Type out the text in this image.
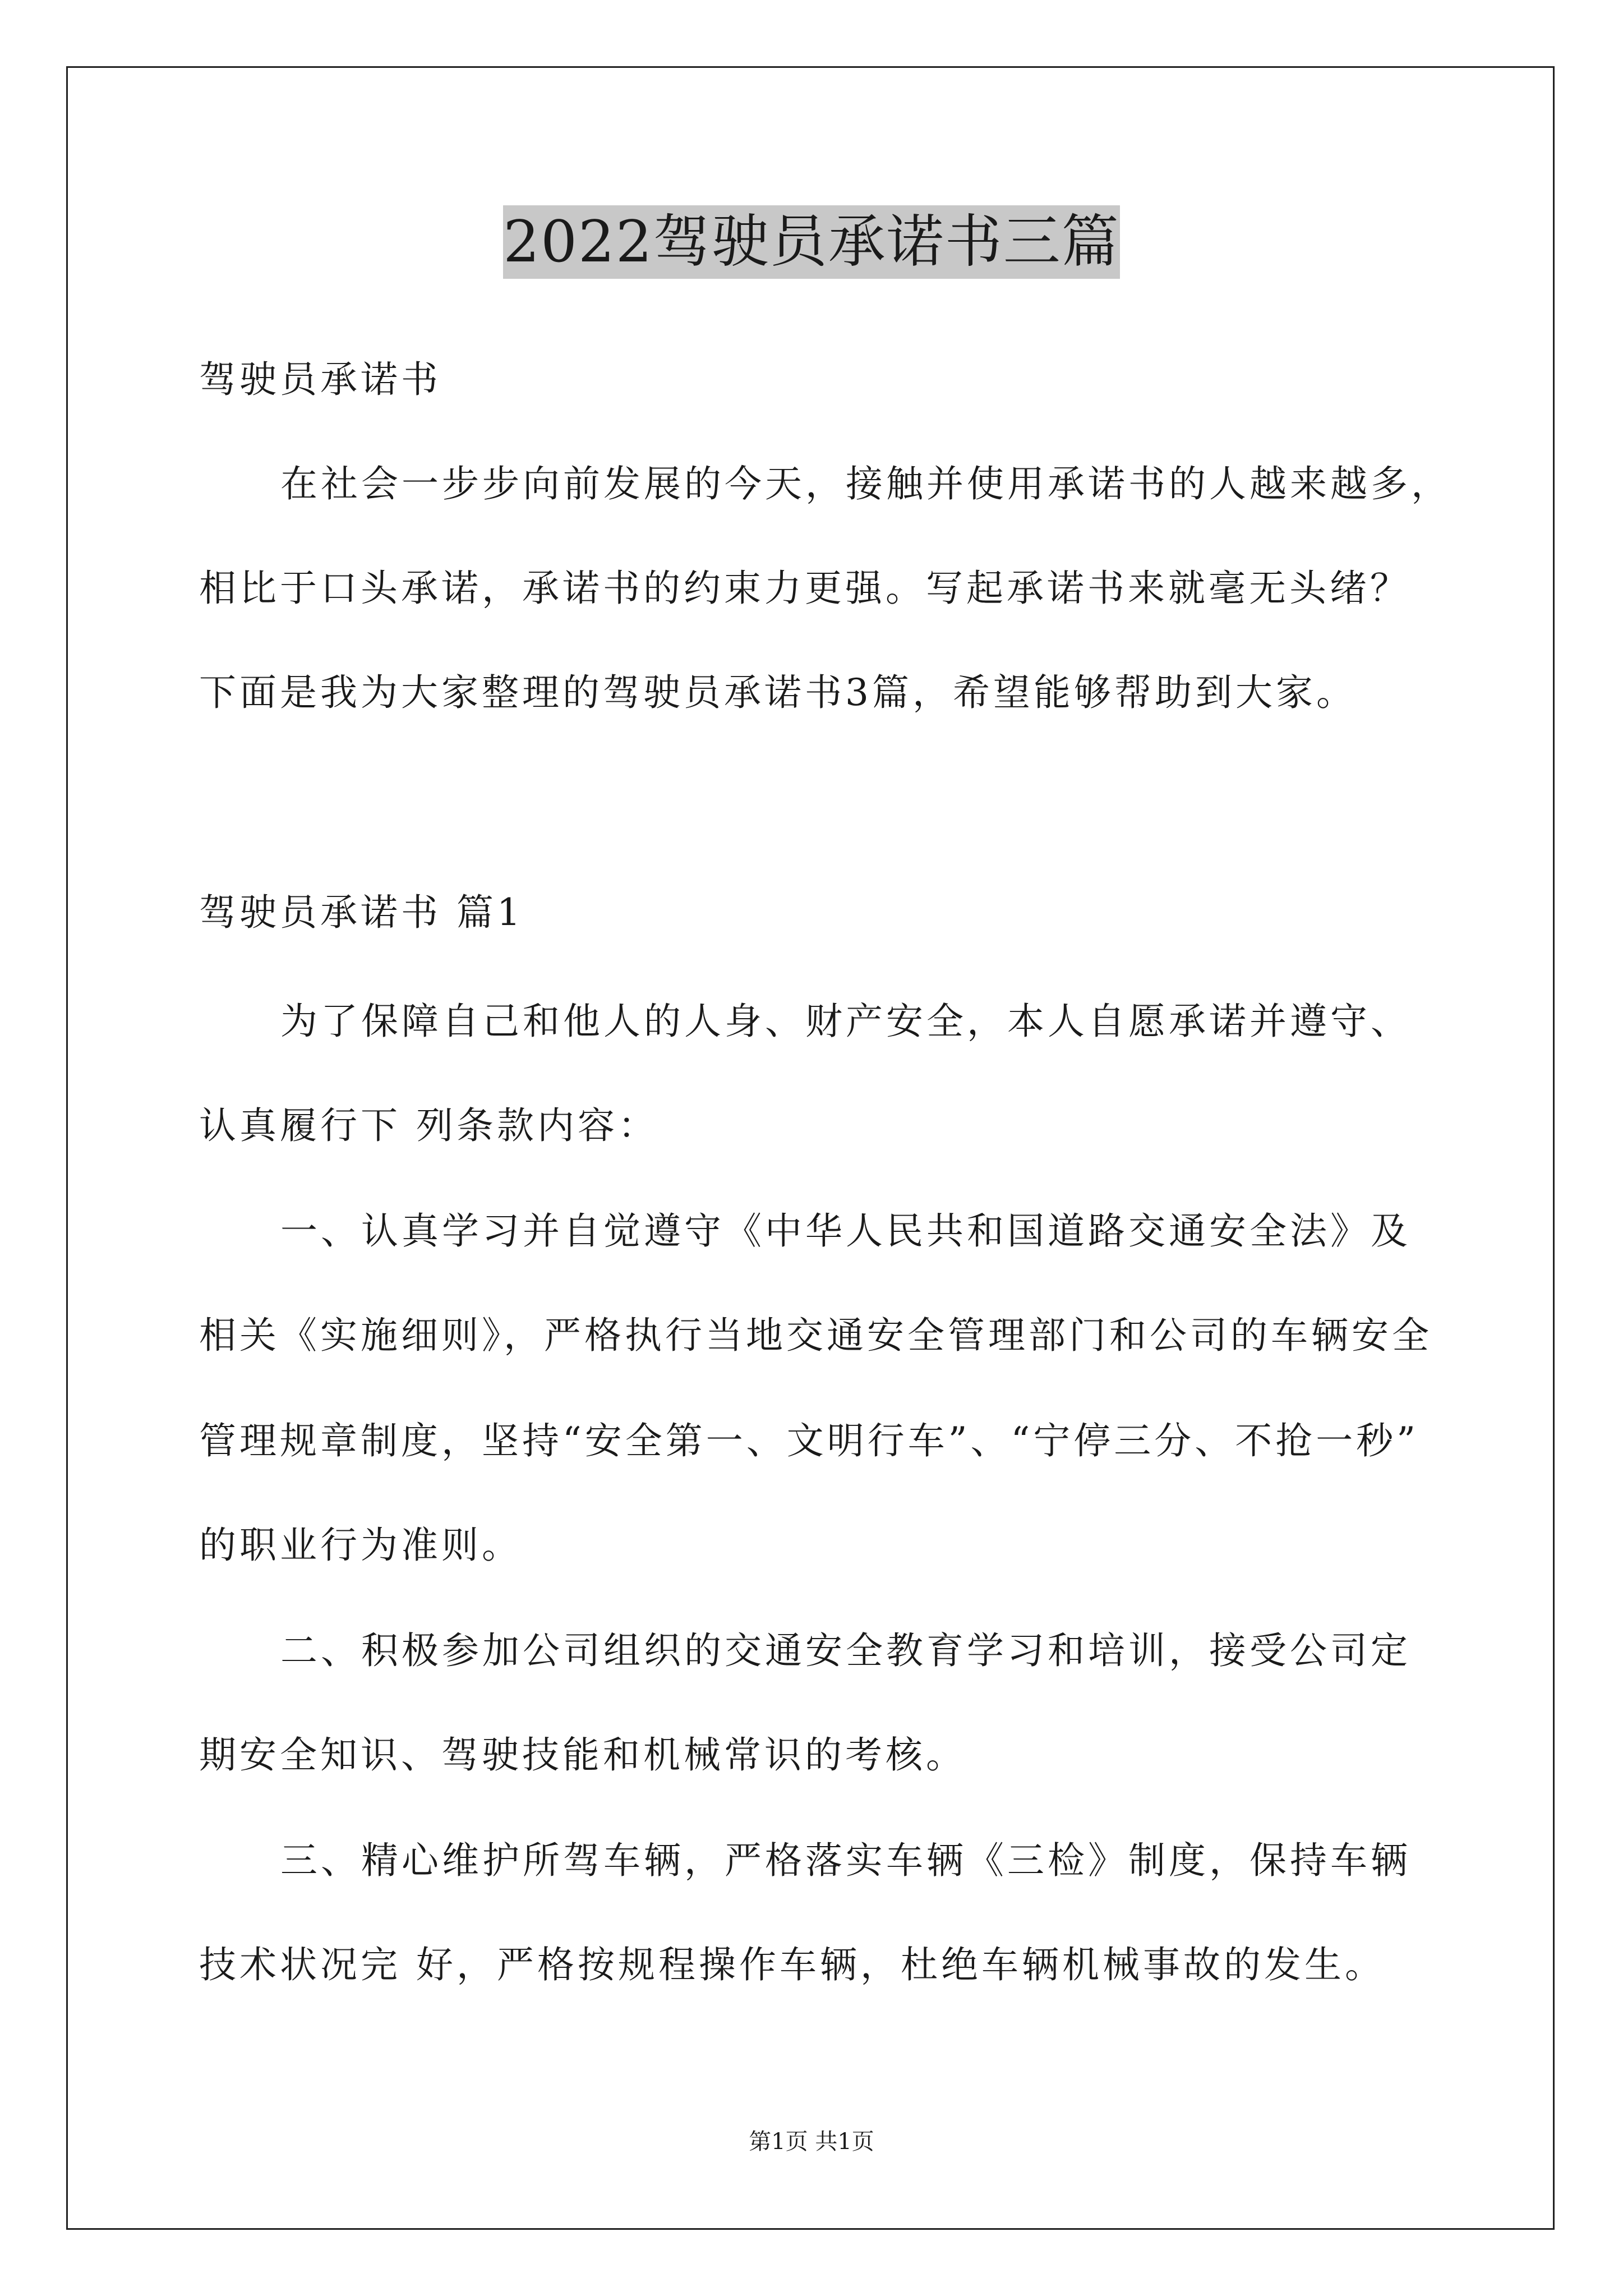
2022驾驶员承诺书三篇
驾驶员承诺书
在社会一步步向前发展的今天，接触并使用承诺书的人越来越多，
相比于口头承诺，承诺书的约束力更强。写起承诺书来就毫无头绪？
下面是我为大家整理的驾驶员承诺书3篇，希望能够帮助到大家。
驾驶员承诺书 篇1
为了保障自己和他人的人身、财产安全，本人自愿承诺并遵守、
认真履行下 列条款内容：
一、认真学习并自觉遵守《中华人民共和国道路交通安全法》及
相关《实施细则》，严格执行当地交通安全管理部门和公司的车辆安全
管理规章制度，坚持“安全第一、文明行车”、“宁停三分、不抢一秒”
的职业行为准则。
二、积极参加公司组织的交通安全教育学习和培训，接受公司定
期安全知识、驾驶技能和机械常识的考核。
三、精心维护所驾车辆，严格落实车辆《三检》制度，保持车辆
技术状况完 好，严格按规程操作车辆，杜绝车辆机械事故的发生。
第1页 共1页
